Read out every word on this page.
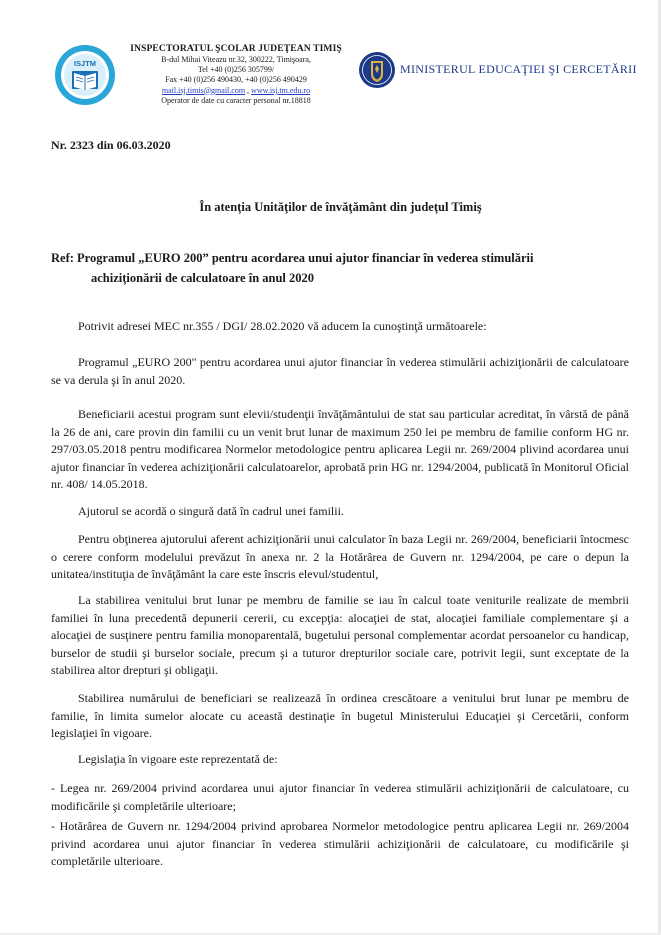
ISJTM
INSPECTORATUL ŞCOLAR JUDEŢEAN TIMIŞ
B-dul Mihai Viteazu nr.32, 300222, Timişoara,
Tel +40 (0)256 305799/
Fax +40 (0)256 490430, +40 (0)256 490429
mail.isj.timis@gmail.com , www.isj.tm.edu.ro
Operator de date cu caracter personal nr.18818
MINISTERUL EDUCAŢIEI ŞI CERCETĂRII
Nr. 2323 din 06.03.2020
În atenţia Unităţilor de învăţământ din judeţul Timiş
Ref: Programul „EURO 200” pentru acordarea unui ajutor financiar în vederea stimulării
achiziţionării de calculatoare în anul 2020
Potrivit adresei MEC nr.355 / DGI/ 28.02.2020 vă aducem la cunoştinţă următoarele:
Programul „EURO 200" pentru acordarea unui ajutor financiar în vederea stimulării achiziţionării de calculatoare se va derula şi în anul 2020.
Beneficiarii acestui program sunt elevii/studenţii învăţământului de stat sau particular acreditat, în vârstă de până la 26 de ani, care provin din familii cu un venit brut lunar de maximum 250 lei pe membru de familie conform HG nr. 297/03.05.2018 pentru modificarea Normelor metodologice pentru aplicarea Legii nr. 269/2004 plivind acordarea unui ajutor financiar în vederea achiziţionării calculatoarelor, aprobată prin HG nr. 1294/2004, publicată în Monitorul Oficial nr. 408/ 14.05.2018.
Ajutorul se acordă o singură dată în cadrul unei familii.
Pentru obţinerea ajutorului aferent achiziţionării unui calculator în baza Legii nr. 269/2004, beneficiarii întocmesc o cerere conform modelului prevăzut în anexa nr. 2 la Hotărârea de Guvern nr. 1294/2004, pe care o depun la unitatea/instituţia de învăţământ la care este înscris elevul/studentul,
La stabilirea venitului brut lunar pe membru de familie se iau în calcul toate veniturile realizate de membrii familiei în luna precedentă depunerii cererii, cu excepţia: alocaţiei de stat, alocaţiei familiale complementare şi a alocaţiei de susţinere pentru familia monoparentală, bugetului personal complementar acordat persoanelor cu handicap, burselor de studii şi burselor sociale, precum şi a tuturor drepturilor sociale care, potrivit legii, sunt exceptate de la stabilirea altor drepturi şi obligaţii.
Stabilirea numărului de beneficiari se realizează în ordinea crescătoare a venitului brut lunar pe membru de familie, în limita sumelor alocate cu această destinaţie în bugetul Ministerului Educaţiei şi Cercetării, conform legislaţiei în vigoare.
Legislaţia în vigoare este reprezentată de:
- Legea nr. 269/2004 privind acordarea unui ajutor financiar în vederea stimulării achiziţionării de calculatoare, cu modificările şi completările ulterioare;
- Hotărârea de Guvern nr. 1294/2004 privind aprobarea Normelor metodologice pentru aplicarea Legii nr. 269/2004 privind acordarea unui ajutor financiar în vederea stimulării achiziţionării de calculatoare, cu modificările şi completările ulterioare.
